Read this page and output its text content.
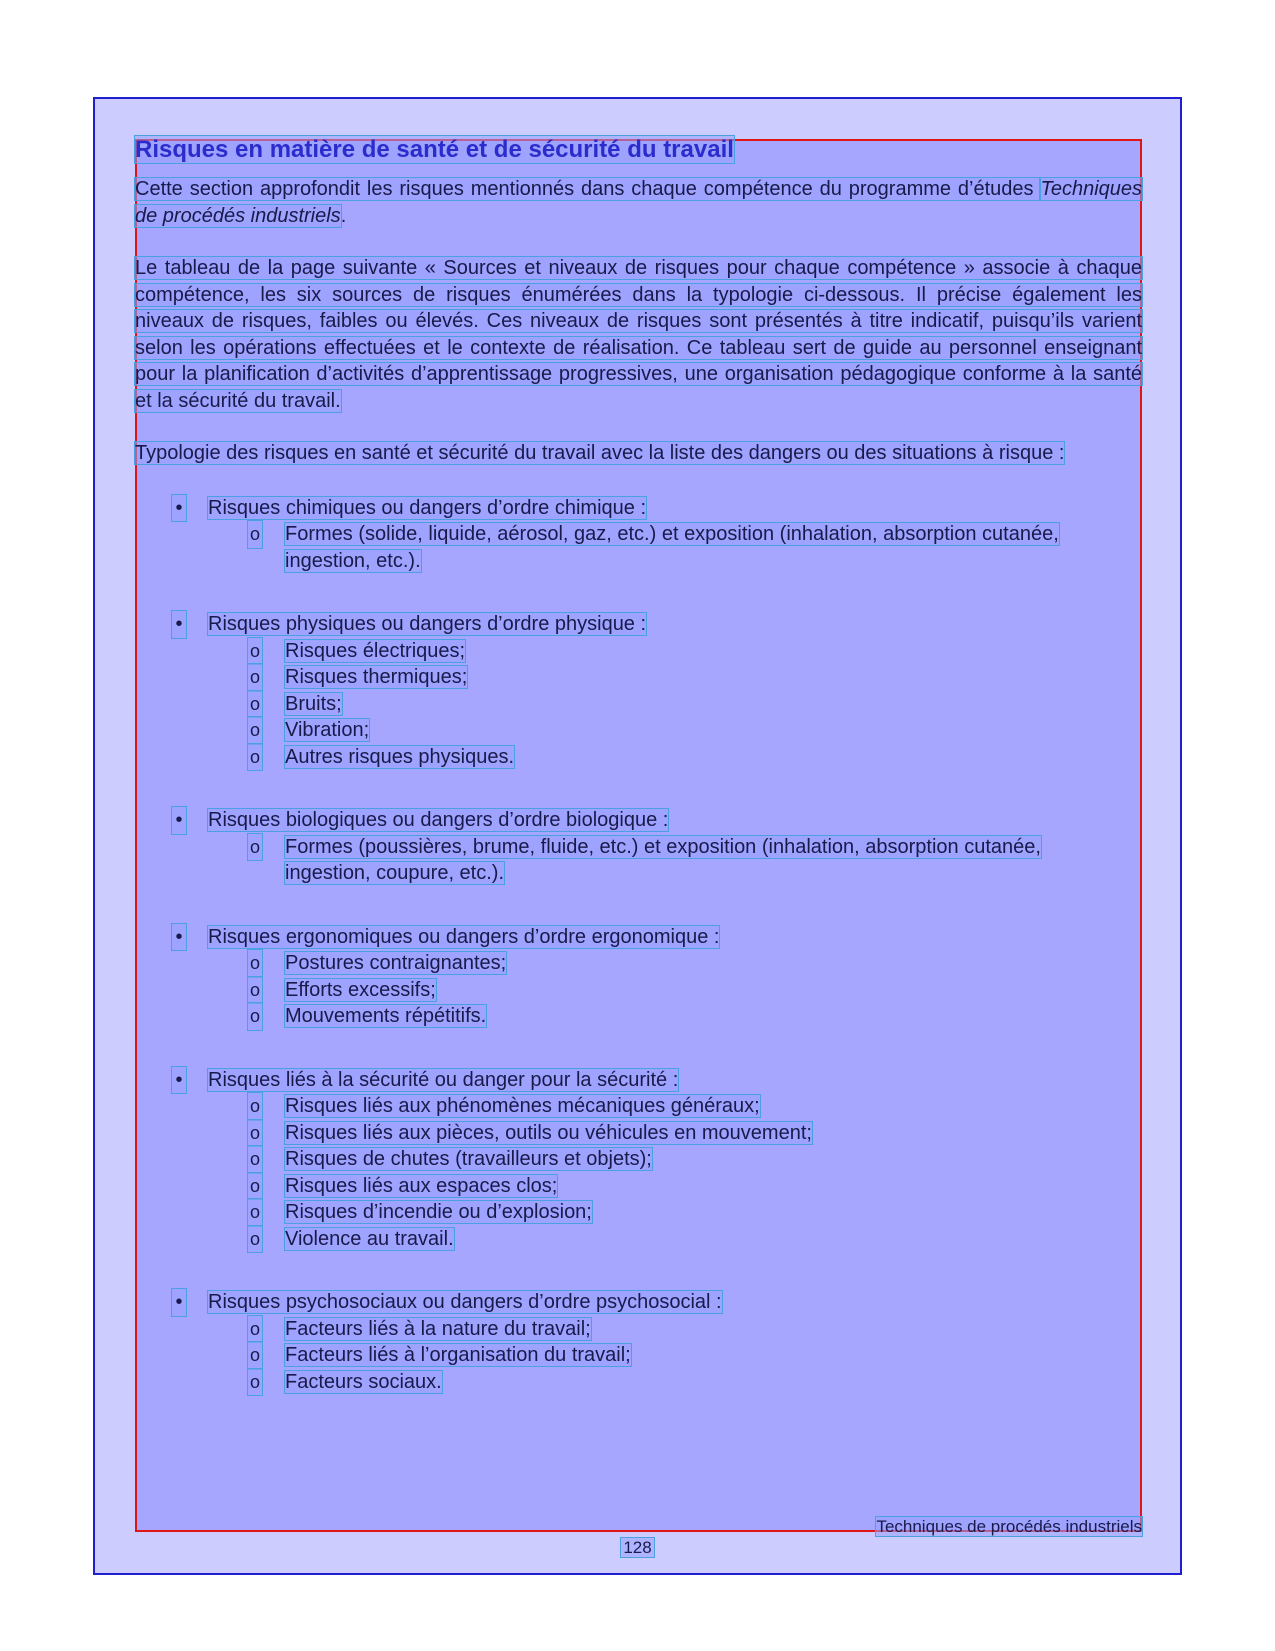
Risques en matière de santé et de sécurité du travail

Cette section approfondit les risques mentionnés dans chaque compétence du programme d’études Techniques de procédés industriels.

Le tableau de la page suivante « Sources et niveaux de risques pour chaque compétence » associe à chaque compétence, les six sources de risques énumérées dans la typologie ci-dessous. Il précise également les niveaux de risques, faibles ou élevés. Ces niveaux de risques sont présentés à titre indicatif, puisqu’ils varient selon les opérations effectuées et le contexte de réalisation. Ce tableau sert de guide au personnel enseignant pour la planification d’activités d’apprentissage progressives, une organisation pédagogique conforme à la santé et la sécurité du travail.

Typologie des risques en santé et sécurité du travail avec la liste des dangers ou des situations à risque :

• Risques chimiques ou dangers d’ordre chimique :
o Formes (solide, liquide, aérosol, gaz, etc.) et exposition (inhalation, absorption cutanée, ingestion, etc.).
• Risques physiques ou dangers d’ordre physique :
o Risques électriques;
o Risques thermiques;
o Bruits;
o Vibration;
o Autres risques physiques.
• Risques biologiques ou dangers d’ordre biologique :
o Formes (poussières, brume, fluide, etc.) et exposition (inhalation, absorption cutanée, ingestion, coupure, etc.).
• Risques ergonomiques ou dangers d’ordre ergonomique :
o Postures contraignantes;
o Efforts excessifs;
o Mouvements répétitifs.
• Risques liés à la sécurité ou danger pour la sécurité :
o Risques liés aux phénomènes mécaniques généraux;
o Risques liés aux pièces, outils ou véhicules en mouvement;
o Risques de chutes (travailleurs et objets);
o Risques liés aux espaces clos;
o Risques d’incendie ou d’explosion;
o Violence au travail.
• Risques psychosociaux ou dangers d’ordre psychosocial :
o Facteurs liés à la nature du travail;
o Facteurs liés à l’organisation du travail;
o Facteurs sociaux.
Techniques de procédés industriels
128
